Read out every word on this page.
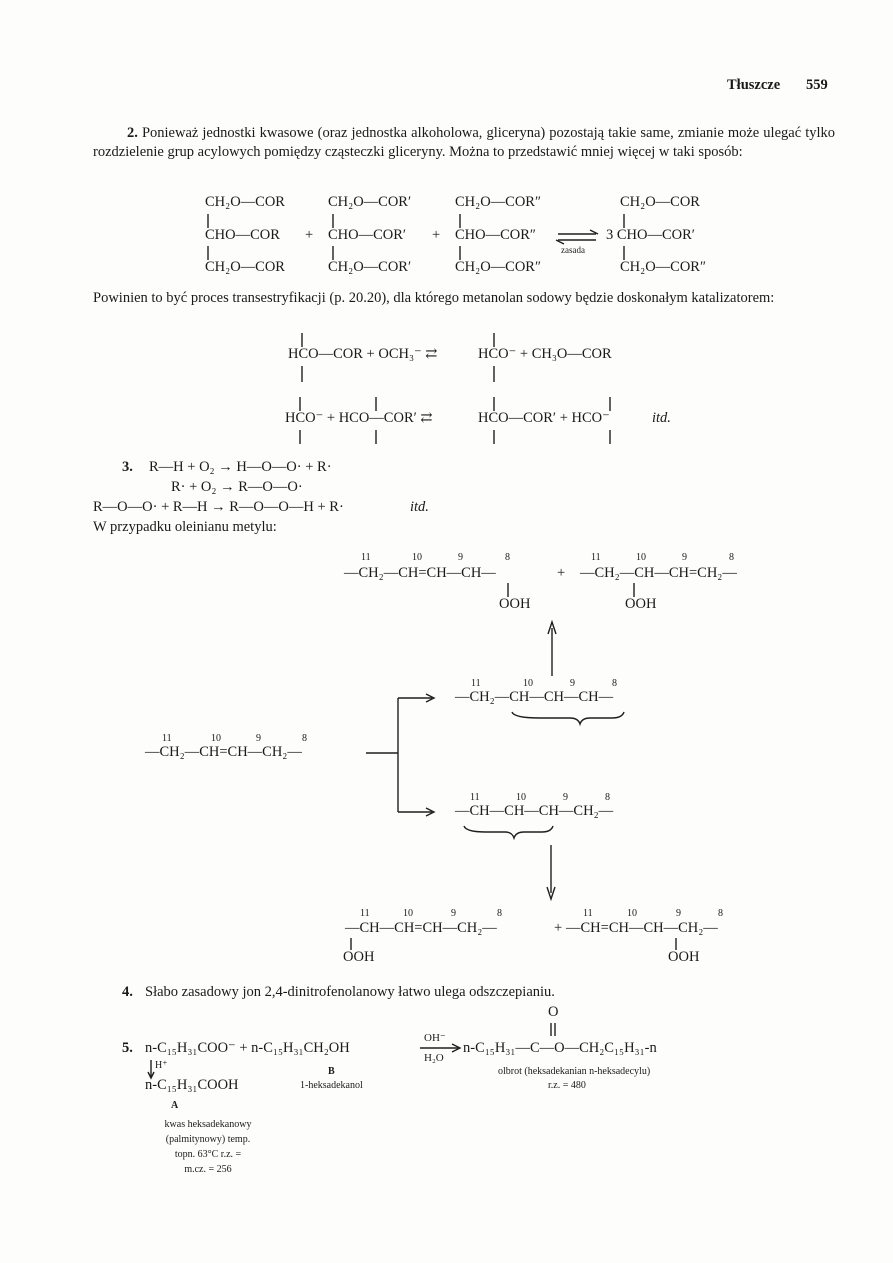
Tłuszcze 559
2. Ponieważ jednostki kwasowe (oraz jednostka alkoholowa, gliceryna) pozostają takie same, zmianie może ulegać tylko rozdzielenie grup acylowych pomiędzy cząsteczki gliceryny. Można to przedstawić mniej więcej w taki sposób:
CH₂O—COR
CHO—COR
CH₂O—COR
+
CH₂O—COR′
CHO—COR′
CH₂O—COR′
+
CH₂O—COR″
CHO—COR″
CH₂O—COR″
zasada
CH₂O—COR
3 CHO—COR′
CH₂O—COR″
Powinien to być proces transestryfikacji (p. 20.20), dla którego metanolan sodowy będzie doskonałym katalizatorem:
HCO—COR + OCH₃⁻ ⇄	HCO⁻ + CH₃O—COR
HCO⁻ + HCO—COR′ ⇄	HCO—COR′ + HCO⁻	itd.
3. R—H + O₂ → H—O—O· + R·
R· + O₂ → R—O—O·
R—O—O· + R—H → R—O—O—H + R·	itd.
W przypadku oleinianu metylu:
11	10	9	8
—CH₂—CH=CH—CH—
OOH
+
11	10	9	8
—CH₂—CH—CH=CH₂—
OOH
11	10	9	8
—CH₂—CH—CH—CH—
11	10	9	8
—CH₂—CH=CH—CH₂—
11	10	9	8
—CH—CH—CH—CH₂—
11	10	9	8
—CH—CH=CH—CH₂—
OOH
+
11	10	9	8
—CH=CH—CH—CH₂—
OOH
4. Słabo zasadowy jon 2,4-dinitrofenolanowy łatwo ulega odszczepianiu.
O
5. n-C₁₅H₃₁COO⁻ + n-C₁₅H₃₁CH₂OH
OH⁻
H₂O
n-C₁₅H₃₁—C—O—CH₂C₁₅H₃₁-n
H⁺
n-C₁₅H₃₁COOH
A
B
1-heksadekanol
olbrot (heksadekanian n-heksadecylu)
r.z. = 480
kwas heksadekanowy
(palmitynowy) temp.
topn. 63°C r.z. =
m.cz. = 256
